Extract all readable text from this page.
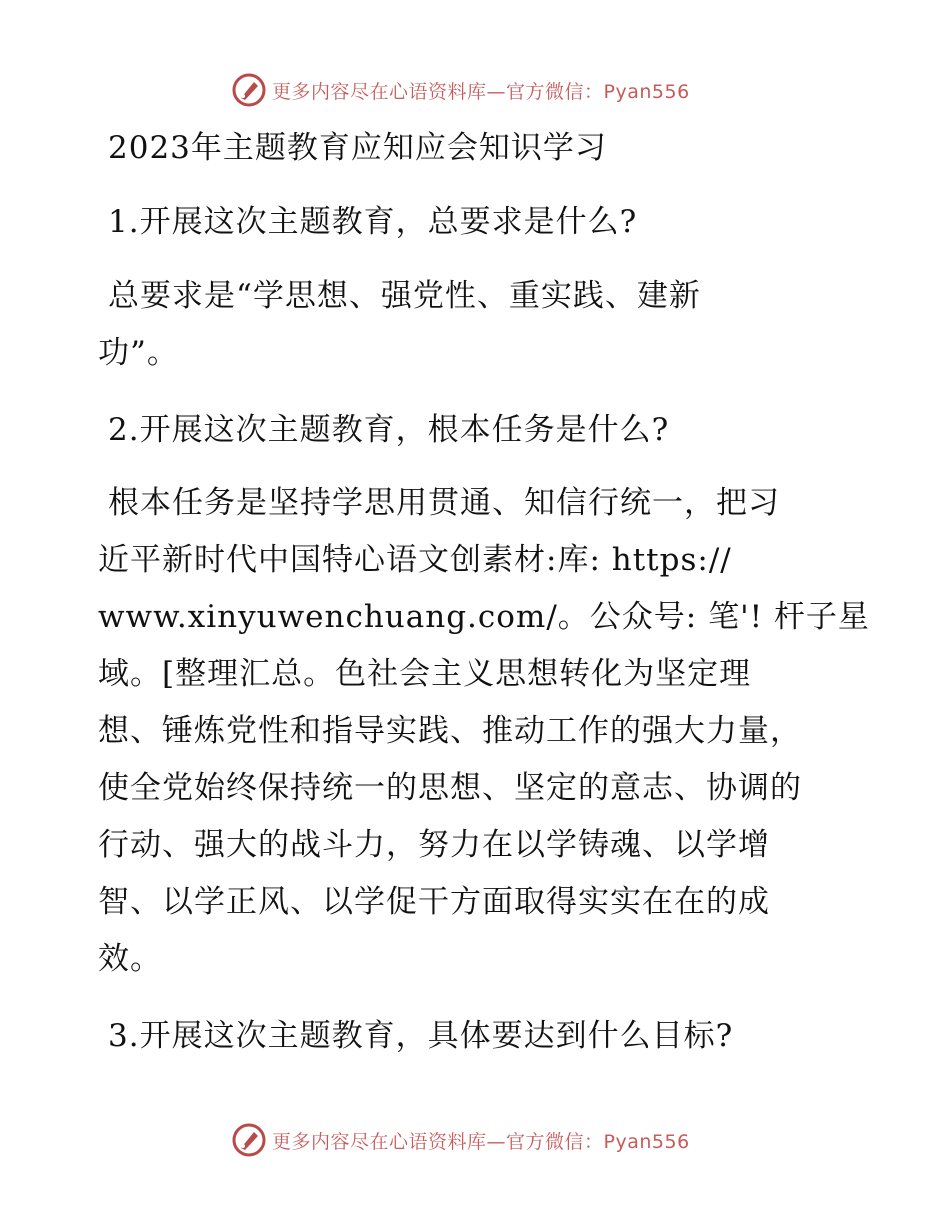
更多内容尽在心语资料库—官方微信：Pyan556
2023年主题教育应知应会知识学习
1.开展这次主题教育，总要求是什么?
总要求是“学思想、强党性、重实践、建新
功”。
2.开展这次主题教育，根本任务是什么?
根本任务是坚持学思用贯通、知信行统一，把习
近平新时代中国特心语文创素材:库: https://
www.xinyuwenchuang.com/。公众号: 笔'! 杆子星
域。[整理汇总。色社会主义思想转化为坚定理
想、锤炼党性和指导实践、推动工作的强大力量，
使全党始终保持统一的思想、坚定的意志、协调的
行动、强大的战斗力，努力在以学铸魂、以学增
智、以学正风、以学促干方面取得实实在在的成
效。
3.开展这次主题教育，具体要达到什么目标?
更多内容尽在心语资料库—官方微信：Pyan556
